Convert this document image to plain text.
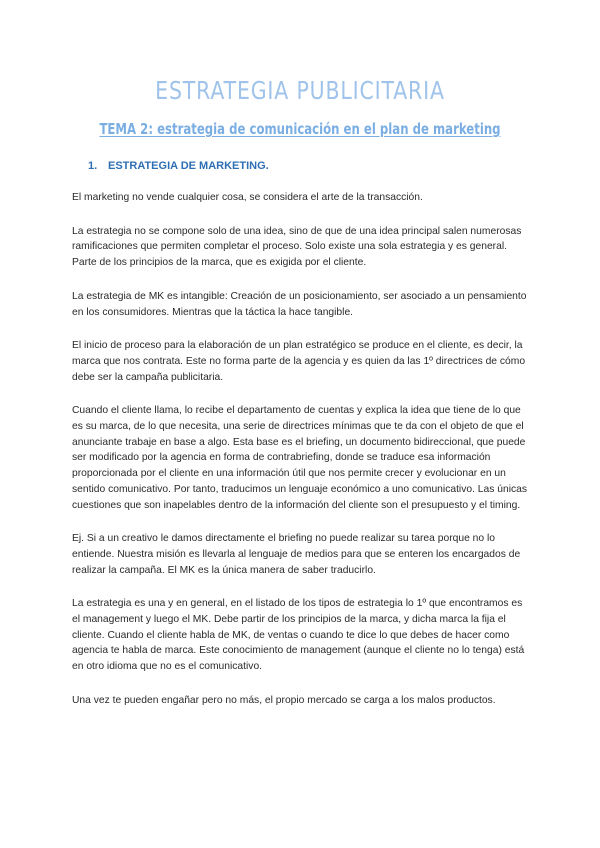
ESTRATEGIA PUBLICITARIA
TEMA 2: estrategia de comunicación en el plan de marketing
1. ESTRATEGIA DE MARKETING.

El marketing no vende cualquier cosa, se considera el arte de la transacción.

La estrategia no se compone solo de una idea, sino de que de una idea principal salen numerosas ramificaciones que permiten completar el proceso. Solo existe una sola estrategia y es general. Parte de los principios de la marca, que es exigida por el cliente.

La estrategia de MK es intangible: Creación de un posicionamiento, ser asociado a un pensamiento en los consumidores. Mientras que la táctica la hace tangible.

El inicio de proceso para la elaboración de un plan estratégico se produce en el cliente, es decir, la marca que nos contrata. Este no forma parte de la agencia y es quien da las 1º directrices de cómo debe ser la campaña publicitaria.

Cuando el cliente llama, lo recibe el departamento de cuentas y explica la idea que tiene de lo que es su marca, de lo que necesita, una serie de directrices mínimas que te da con el objeto de que el anunciante trabaje en base a algo. Esta base es el briefing, un documento bidireccional, que puede ser modificado por la agencia en forma de contrabriefing, donde se traduce esa información proporcionada por el cliente en una información útil que nos permite crecer y evolucionar en un sentido comunicativo. Por tanto, traducimos un lenguaje económico a uno comunicativo. Las únicas cuestiones que son inapelables dentro de la información del cliente son el presupuesto y el timing.

Ej. Si a un creativo le damos directamente el briefing no puede realizar su tarea porque no lo entiende. Nuestra misión es llevarla al lenguaje de medios para que se enteren los encargados de realizar la campaña. El MK es la única manera de saber traducirlo.

La estrategia es una y en general, en el listado de los tipos de estrategia lo 1º que encontramos es el management y luego el MK. Debe partir de los principios de la marca, y dicha marca la fija el cliente. Cuando el cliente habla de MK, de ventas o cuando te dice lo que debes de hacer como agencia te habla de marca. Este conocimiento de management (aunque el cliente no lo tenga) está en otro idioma que no es el comunicativo.

Una vez te pueden engañar pero no más, el propio mercado se carga a los malos productos.
